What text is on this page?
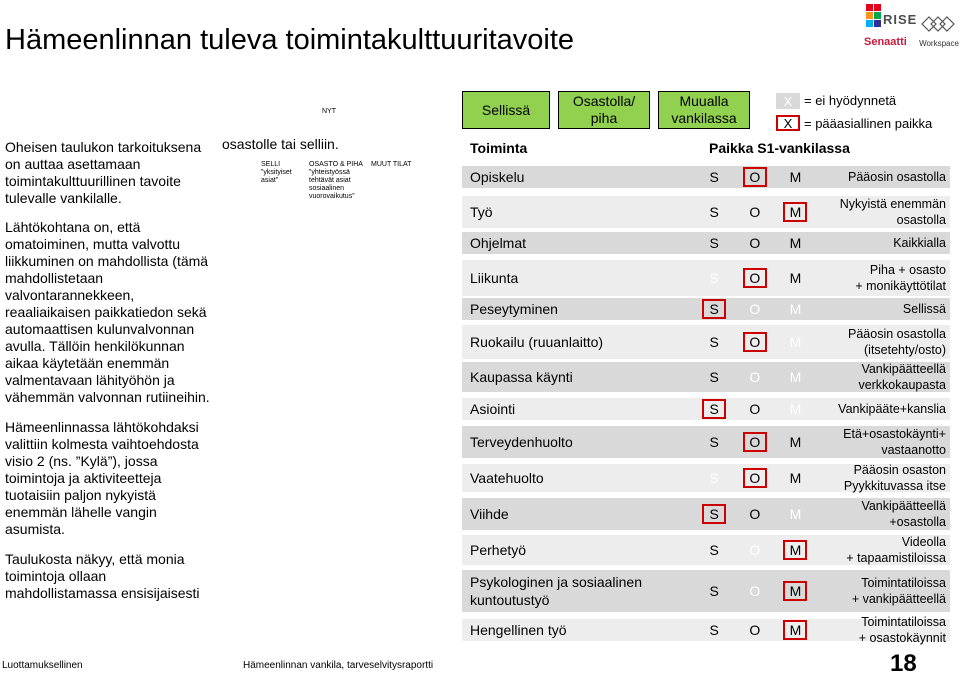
Hämeenlinnan tuleva toimintakulttuuritavoite
RISE
Senaatti Workspace
Oheisen taulukon tarkoituksena
on auttaa asettamaan
toimintakulttuurillinen tavoite
tulevalle vankilalle.
Lähtökohtana on, että
omatoiminen, mutta valvottu
liikkuminen on mahdollista (tämä
mahdollistetaan
valvontarannekkeen,
reaaliaikaisen paikkatiedon sekä
automaattisen kulunvalvonnan
avulla. Tällöin henkilökunnan
aikaa käytetään enemmän
valmentavaan lähityöhön ja
vähemmän valvonnan rutiineihin.
Hämeenlinnassa lähtökohdaksi
valittiin kolmesta vaihtoehdosta
visio 2 (ns. ”Kylä”), jossa
toimintoja ja aktiviteetteja
tuotaisiin paljon nykyistä
enemmän lähelle vangin
asumista.
Taulukosta näkyy, että monia
toimintoja ollaan
mahdollistamassa ensisijaisesti
osastolle tai selliin.
NYT
SELLI
”yksityiset
asiat”
OSASTO & PIHA
”yhteistyössä
tehtävät asiat
sosiaalinen
vuorovaikutus”
MUUT TILAT
Sellissä
Osastolla/
piha
Muualla
vankilassa
X = ei hyödynnetä
X = pääasiallinen paikka
Toiminta	Paikka S1-vankilassa
Opiskelu	S	O	M	Pääosin osastolla
Työ	S	O	M	Nykyistä enemmän
osastolla
Ohjelmat	S	O	M	Kaikkialla
Liikunta	S	O	M	Piha + osasto
+ monikäyttötilat
Peseytyminen	S	O	M	Sellissä
Ruokailu (ruuanlaitto)	S	O	M	Pääosin osastolla
(itsetehty/osto)
Kaupassa käynti	S	O	M	Vankipäätteellä
verkkokaupasta
Asiointi	S	O	M	Vankipääte+kanslia
Terveydenhuolto	S	O	M	Etä+osastokäynti+
vastaanotto
Vaatehuolto	S	O	M	Pääosin osaston
Pyykkituvassa itse
Viihde	S	O	M	Vankipäätteellä
+osastolla
Perhetyö	S	O	M	Videolla
+ tapaamistiloissa
Psykologinen ja sosiaalinen
kuntoutustyö
S	O	M	Toimintatiloissa
+ vankipäätteellä
Hengellinen työ	S	O	M	Toimintatiloissa
+ osastokäynnit
Luottamuksellinen	Hämeenlinnan vankila, tarveselvitysraportti	18
